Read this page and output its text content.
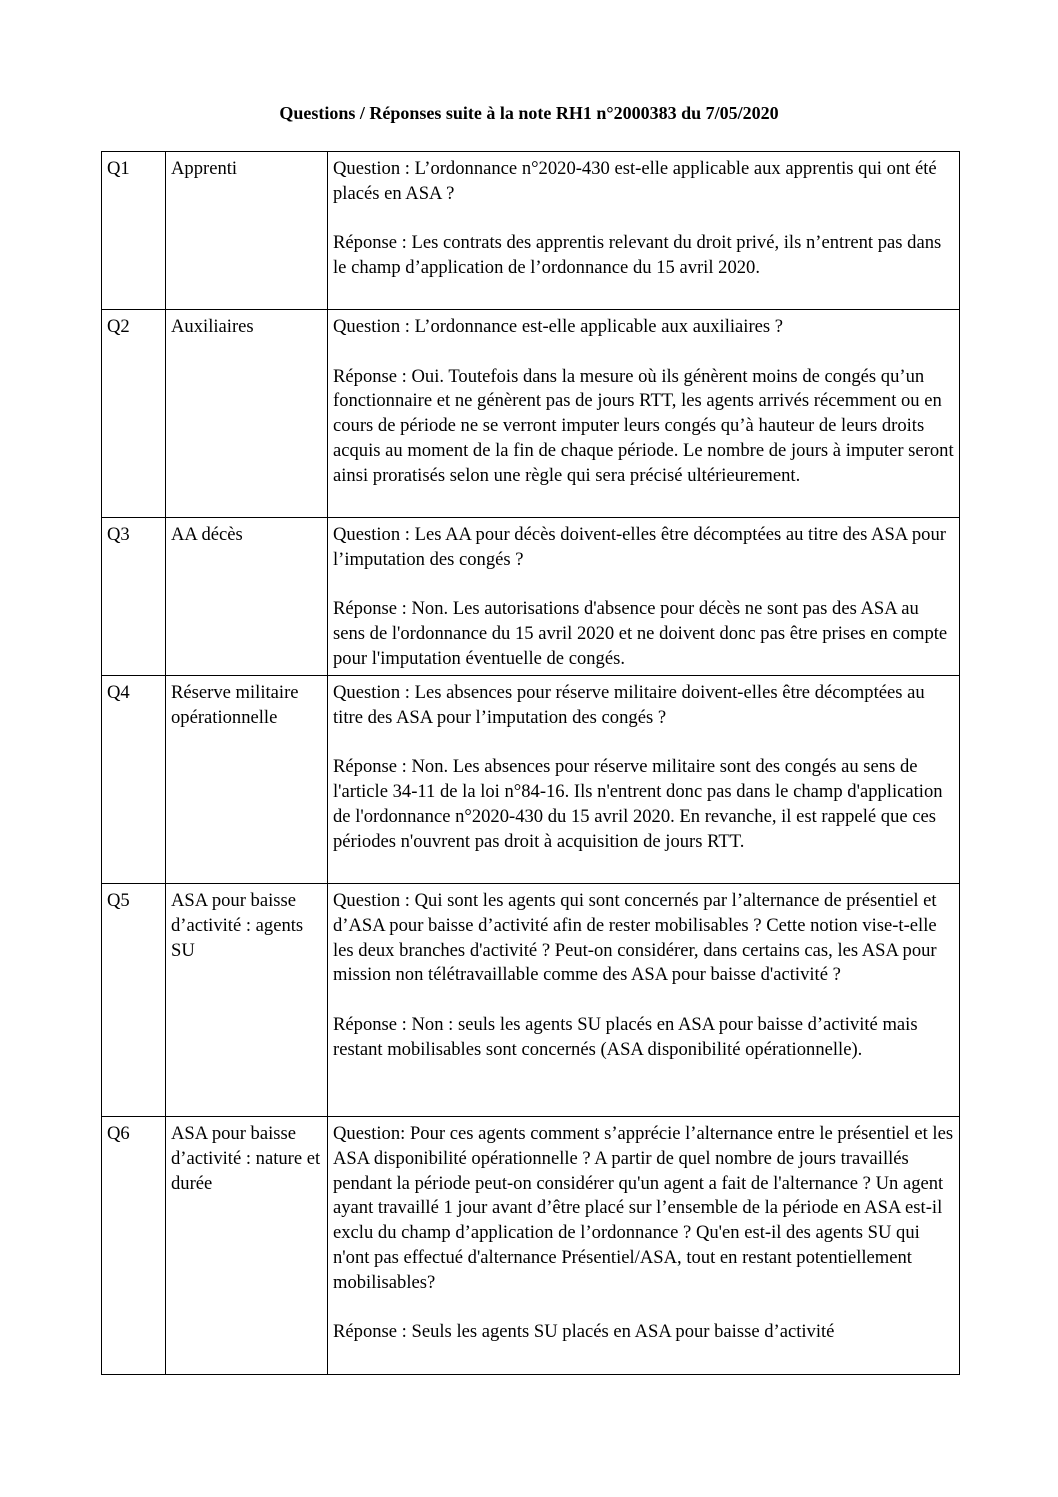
Questions / Réponses suite à la note RH1 n°2000383 du 7/05/2020
Q1	Apprenti	Question : L’ordonnance n°2020-430 est-elle applicable aux apprentis qui ont été placés en ASA ?

Réponse : Les contrats des apprentis relevant du droit privé, ils n’entrent pas dans le champ d’application de l’ordonnance du 15 avril 2020.

Q2	Auxiliaires	Question : L’ordonnance est-elle applicable aux auxiliaires ?

Réponse : Oui. Toutefois dans la mesure où ils génèrent moins de congés qu’un fonctionnaire et ne génèrent pas de jours RTT, les agents arrivés récemment ou en cours de période ne se verront imputer leurs congés qu’à hauteur de leurs droits acquis au moment de la fin de chaque période. Le nombre de jours à imputer seront ainsi proratisés selon une règle qui sera précisé ultérieurement.

Q3	AA décès	Question : Les AA pour décès doivent-elles être décomptées au titre des ASA pour l’imputation des congés ?

Réponse : Non. Les autorisations d'absence pour décès ne sont pas des ASA au sens de l'ordonnance du 15 avril 2020 et ne doivent donc pas être prises en compte pour l'imputation éventuelle de congés.

Q4	Réserve militaire opérationnelle	Question : Les absences pour réserve militaire doivent-elles être décomptées au titre des ASA pour l’imputation des congés ?

Réponse : Non. Les absences pour réserve militaire sont des congés au sens de l'article 34-11 de la loi n°84-16. Ils n'entrent donc pas dans le champ d'application de l'ordonnance n°2020-430 du 15 avril 2020. En revanche, il est rappelé que ces périodes n'ouvrent pas droit à acquisition de jours RTT.

Q5	ASA pour baisse d’activité : agents SU	Question : Qui sont les agents qui sont concernés par l’alternance de présentiel et d’ASA pour baisse d’activité afin de rester mobilisables ? Cette notion vise-t-elle les deux branches d'activité ? Peut-on considérer, dans certains cas, les ASA pour mission non télétravaillable comme des ASA pour baisse d'activité ?

Réponse : Non : seuls les agents SU placés en ASA pour baisse d’activité mais restant mobilisables sont concernés (ASA disponibilité opérationnelle).

Q6	ASA pour baisse d’activité : nature et durée	Question: Pour ces agents comment s’apprécie l’alternance entre le présentiel et les ASA disponibilité opérationnelle ? A partir de quel nombre de jours travaillés pendant la période peut-on considérer qu'un agent a fait de l'alternance ? Un agent ayant travaillé 1 jour avant d’être placé sur l’ensemble de la période en ASA est-il exclu du champ d’application de l’ordonnance ? Qu'en est-il des agents SU qui n'ont pas effectué d'alternance Présentiel/ASA, tout en restant potentiellement mobilisables?

Réponse : Seuls les agents SU placés en ASA pour baisse d’activité
